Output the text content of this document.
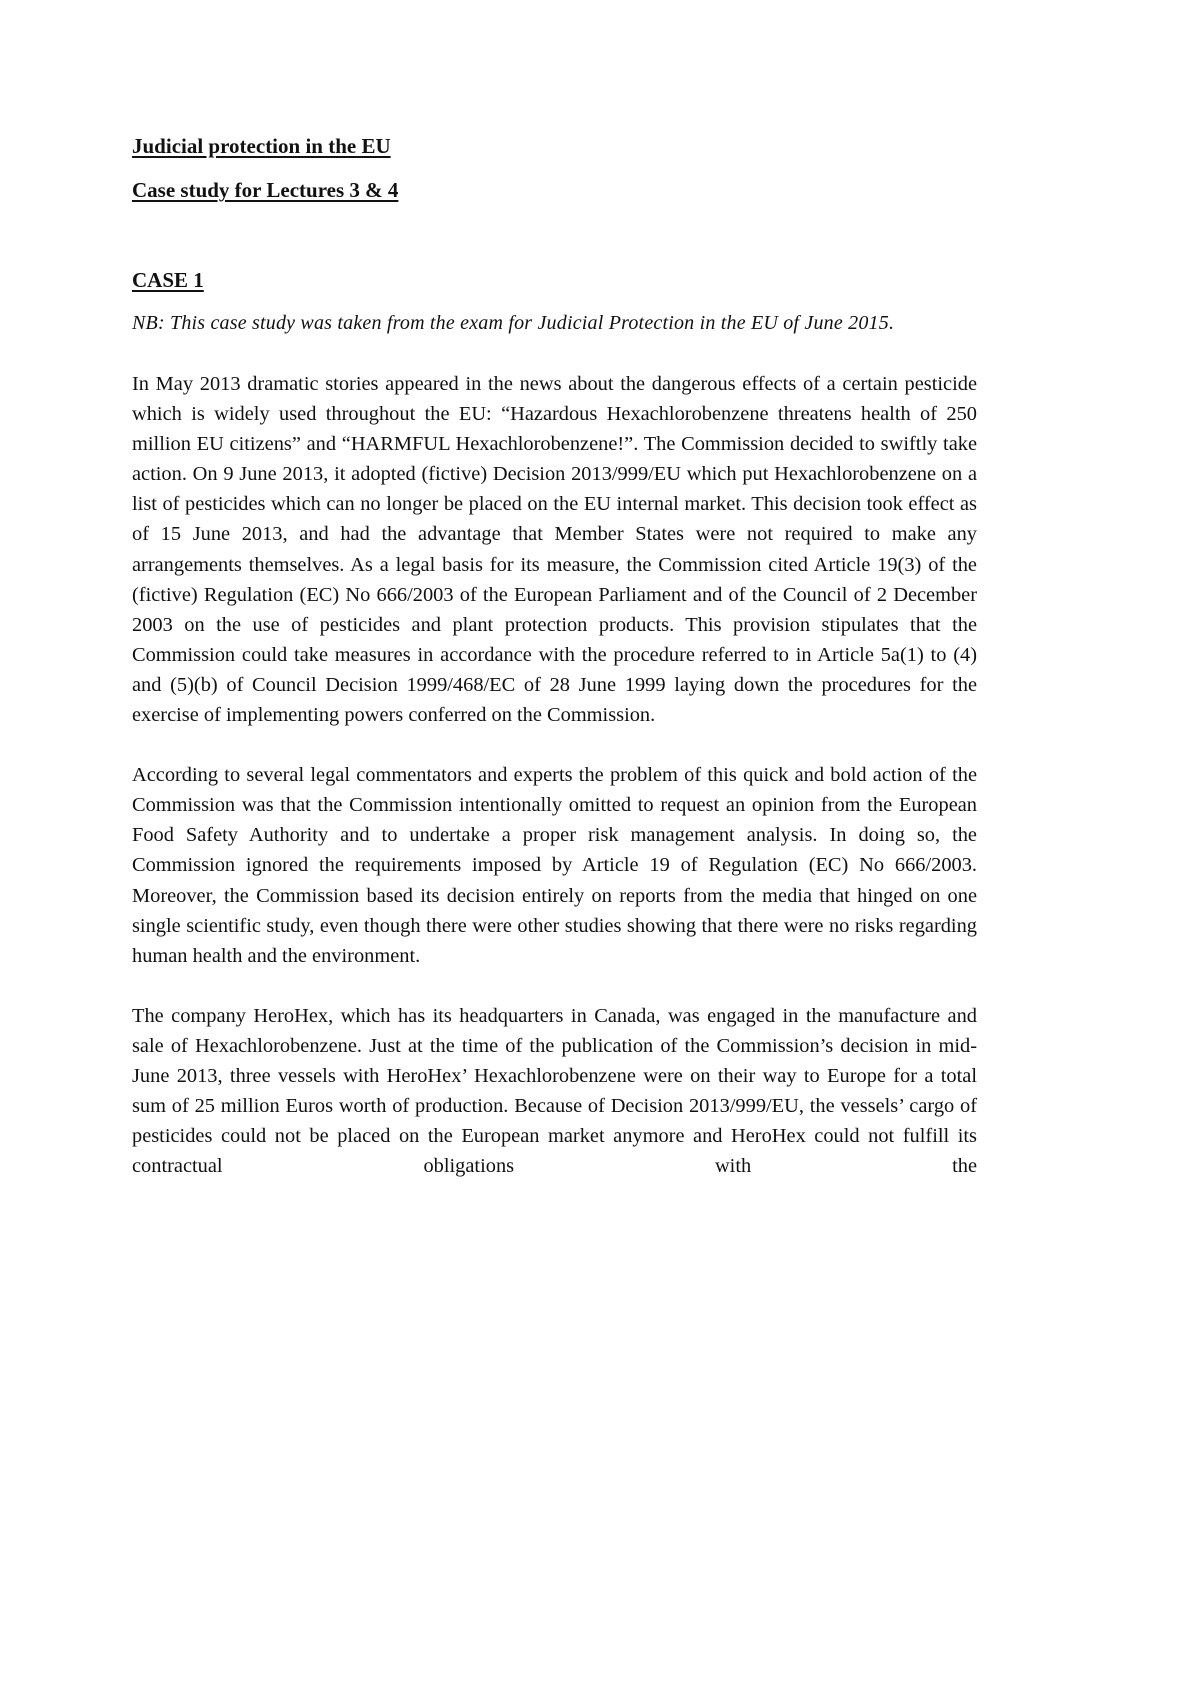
Judicial protection in the EU

Case study for Lectures 3 & 4

CASE 1

NB: This case study was taken from the exam for Judicial Protection in the EU of June 2015.

In May 2013 dramatic stories appeared in the news about the dangerous effects of a certain pesticide which is widely used throughout the EU: “Hazardous Hexachlorobenzene threatens health of 250 million EU citizens” and “HARMFUL Hexachlorobenzene!”. The Commission decided to swiftly take action. On 9 June 2013, it adopted (fictive) Decision 2013/999/EU which put Hexachlorobenzene on a list of pesticides which can no longer be placed on the EU internal market. This decision took effect as of 15 June 2013, and had the advantage that Member States were not required to make any arrangements themselves. As a legal basis for its measure, the Commission cited Article 19(3) of the (fictive) Regulation (EC) No 666/2003 of the European Parliament and of the Council of 2 December 2003 on the use of pesticides and plant protection products. This provision stipulates that the Commission could take measures in accordance with the procedure referred to in Article 5a(1) to (4) and (5)(b) of Council Decision 1999/468/EC of 28 June 1999 laying down the procedures for the exercise of implementing powers conferred on the Commission.

According to several legal commentators and experts the problem of this quick and bold action of the Commission was that the Commission intentionally omitted to request an opinion from the European Food Safety Authority and to undertake a proper risk management analysis. In doing so, the Commission ignored the requirements imposed by Article 19 of Regulation (EC) No 666/2003. Moreover, the Commission based its decision entirely on reports from the media that hinged on one single scientific study, even though there were other studies showing that there were no risks regarding human health and the environment.

The company HeroHex, which has its headquarters in Canada, was engaged in the manufacture and sale of Hexachlorobenzene. Just at the time of the publication of the Commission’s decision in mid-June 2013, three vessels with HeroHex’ Hexachlorobenzene were on their way to Europe for a total sum of 25 million Euros worth of production. Because of Decision 2013/999/EU, the vessels’ cargo of pesticides could not be placed on the European market anymore and HeroHex could not fulfill its contractual obligations with the
